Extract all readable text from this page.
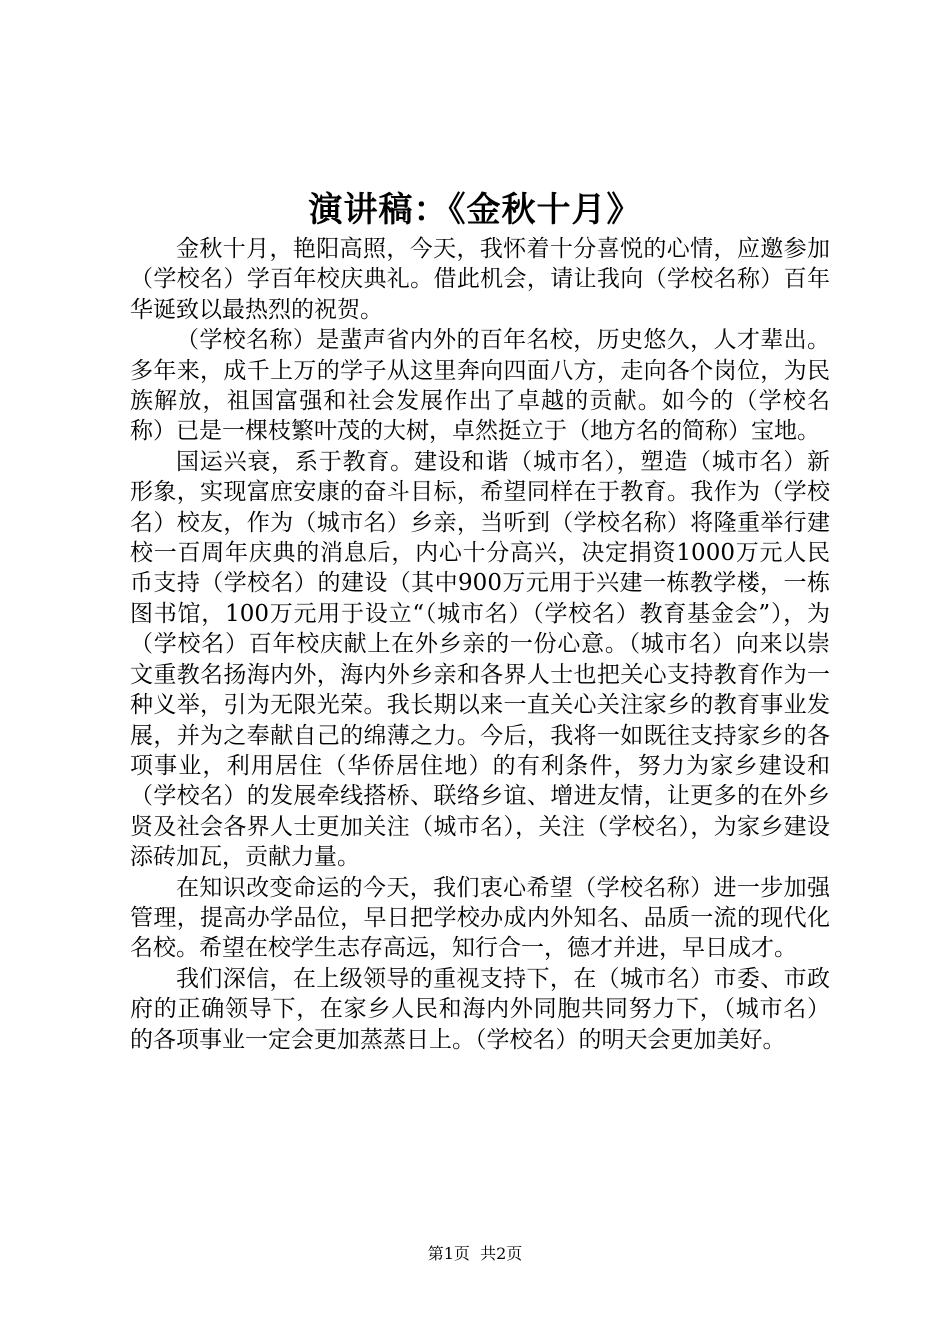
演讲稿：《金秋十月》

金秋十月，艳阳高照，今天，我怀着十分喜悦的心情，应邀参加（学校名）学百年校庆典礼。借此机会，请让我向（学校名称）百年华诞致以最热烈的祝贺。

（学校名称）是蜚声省内外的百年名校，历史悠久，人才辈出。多年来，成千上万的学子从这里奔向四面八方，走向各个岗位，为民族解放，祖国富强和社会发展作出了卓越的贡献。如今的（学校名称）已是一棵枝繁叶茂的大树，卓然挺立于（地方名的简称）宝地。

国运兴衰，系于教育。建设和谐（城市名），塑造（城市名）新形象，实现富庶安康的奋斗目标，希望同样在于教育。我作为（学校名）校友，作为（城市名）乡亲，当听到（学校名称）将隆重举行建校一百周年庆典的消息后，内心十分高兴，决定捐资1000万元人民币支持（学校名）的建设（其中900万元用于兴建一栋教学楼，一栋图书馆，100万元用于设立“（城市名）（学校名）教育基金会”），为（学校名）百年校庆献上在外乡亲的一份心意。（城市名）向来以崇文重教名扬海内外，海内外乡亲和各界人士也把关心支持教育作为一种义举，引为无限光荣。我长期以来一直关心关注家乡的教育事业发展，并为之奉献自己的绵薄之力。今后，我将一如既往支持家乡的各项事业，利用居住（华侨居住地）的有利条件，努力为家乡建设和（学校名）的发展牵线搭桥、联络乡谊、增进友情，让更多的在外乡贤及社会各界人士更加关注（城市名），关注（学校名），为家乡建设添砖加瓦，贡献力量。

在知识改变命运的今天，我们衷心希望（学校名称）进一步加强管理，提高办学品位，早日把学校办成内外知名、品质一流的现代化名校。希望在校学生志存高远，知行合一，德才并进，早日成才。

我们深信，在上级领导的重视支持下，在（城市名）市委、市政府的正确领导下，在家乡人民和海内外同胞共同努力下，（城市名）的各项事业一定会更加蒸蒸日上。（学校名）的明天会更加美好。

第1页 共2页
